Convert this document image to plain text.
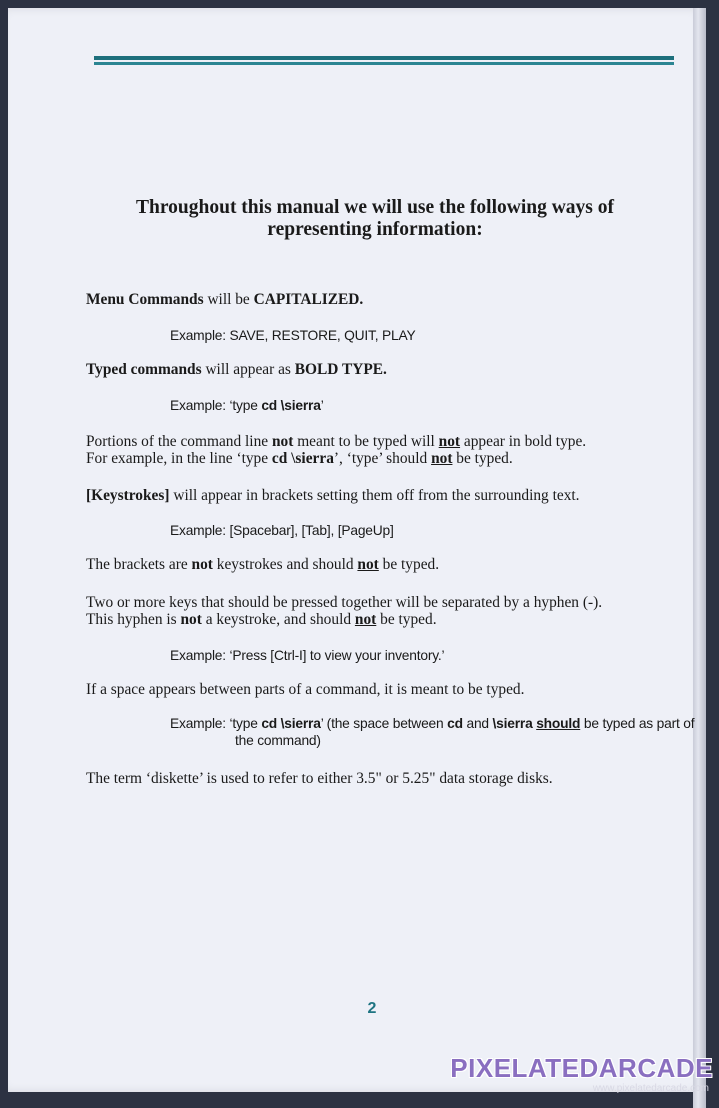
Throughout this manual we will use the following ways of
representing information:
Menu Commands will be CAPITALIZED.
Example: SAVE, RESTORE, QUIT, PLAY
Typed commands will appear as BOLD TYPE.
Example: ‘type cd \sierra’
Portions of the command line not meant to be typed will not appear in bold type.
For example, in the line ‘type cd \sierra’, ‘type’ should not be typed.
[Keystrokes] will appear in brackets setting them off from the surrounding text.
Example: [Spacebar], [Tab], [PageUp]
The brackets are not keystrokes and should not be typed.
Two or more keys that should be pressed together will be separated by a hyphen (-).
This hyphen is not a keystroke, and should not be typed.
Example: ‘Press [Ctrl-I] to view your inventory.’
If a space appears between parts of a command, it is meant to be typed.
Example: ‘type cd \sierra’ (the space between cd and \sierra should be typed as part of the command)
The term ‘diskette’ is used to refer to either 3.5" or 5.25" data storage disks.
2
PIXELATEDARCADE
www.pixelatedarcade.com
